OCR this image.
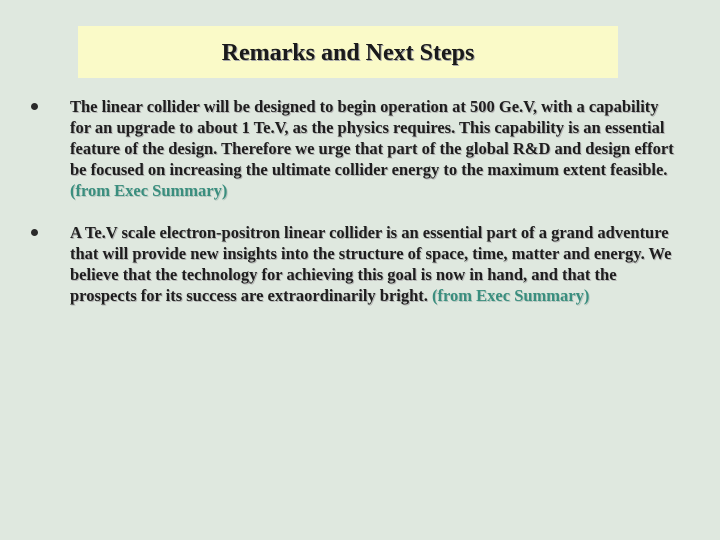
Remarks and Next Steps
The linear collider will be designed to begin operation at 500 Ge.V, with a capability for an upgrade to about 1 Te.V, as the physics requires. This capability is an essential feature of the design. Therefore we urge that part of the global R&D and design effort be focused on increasing the ultimate collider energy to the maximum extent feasible. (from Exec Summary)
A Te.V scale electron-positron linear collider is an essential part of a grand adventure that will provide new insights into the structure of space, time, matter and energy. We believe that the technology for achieving this goal is now in hand, and that the prospects for its success are extraordinarily bright. (from Exec Summary)
